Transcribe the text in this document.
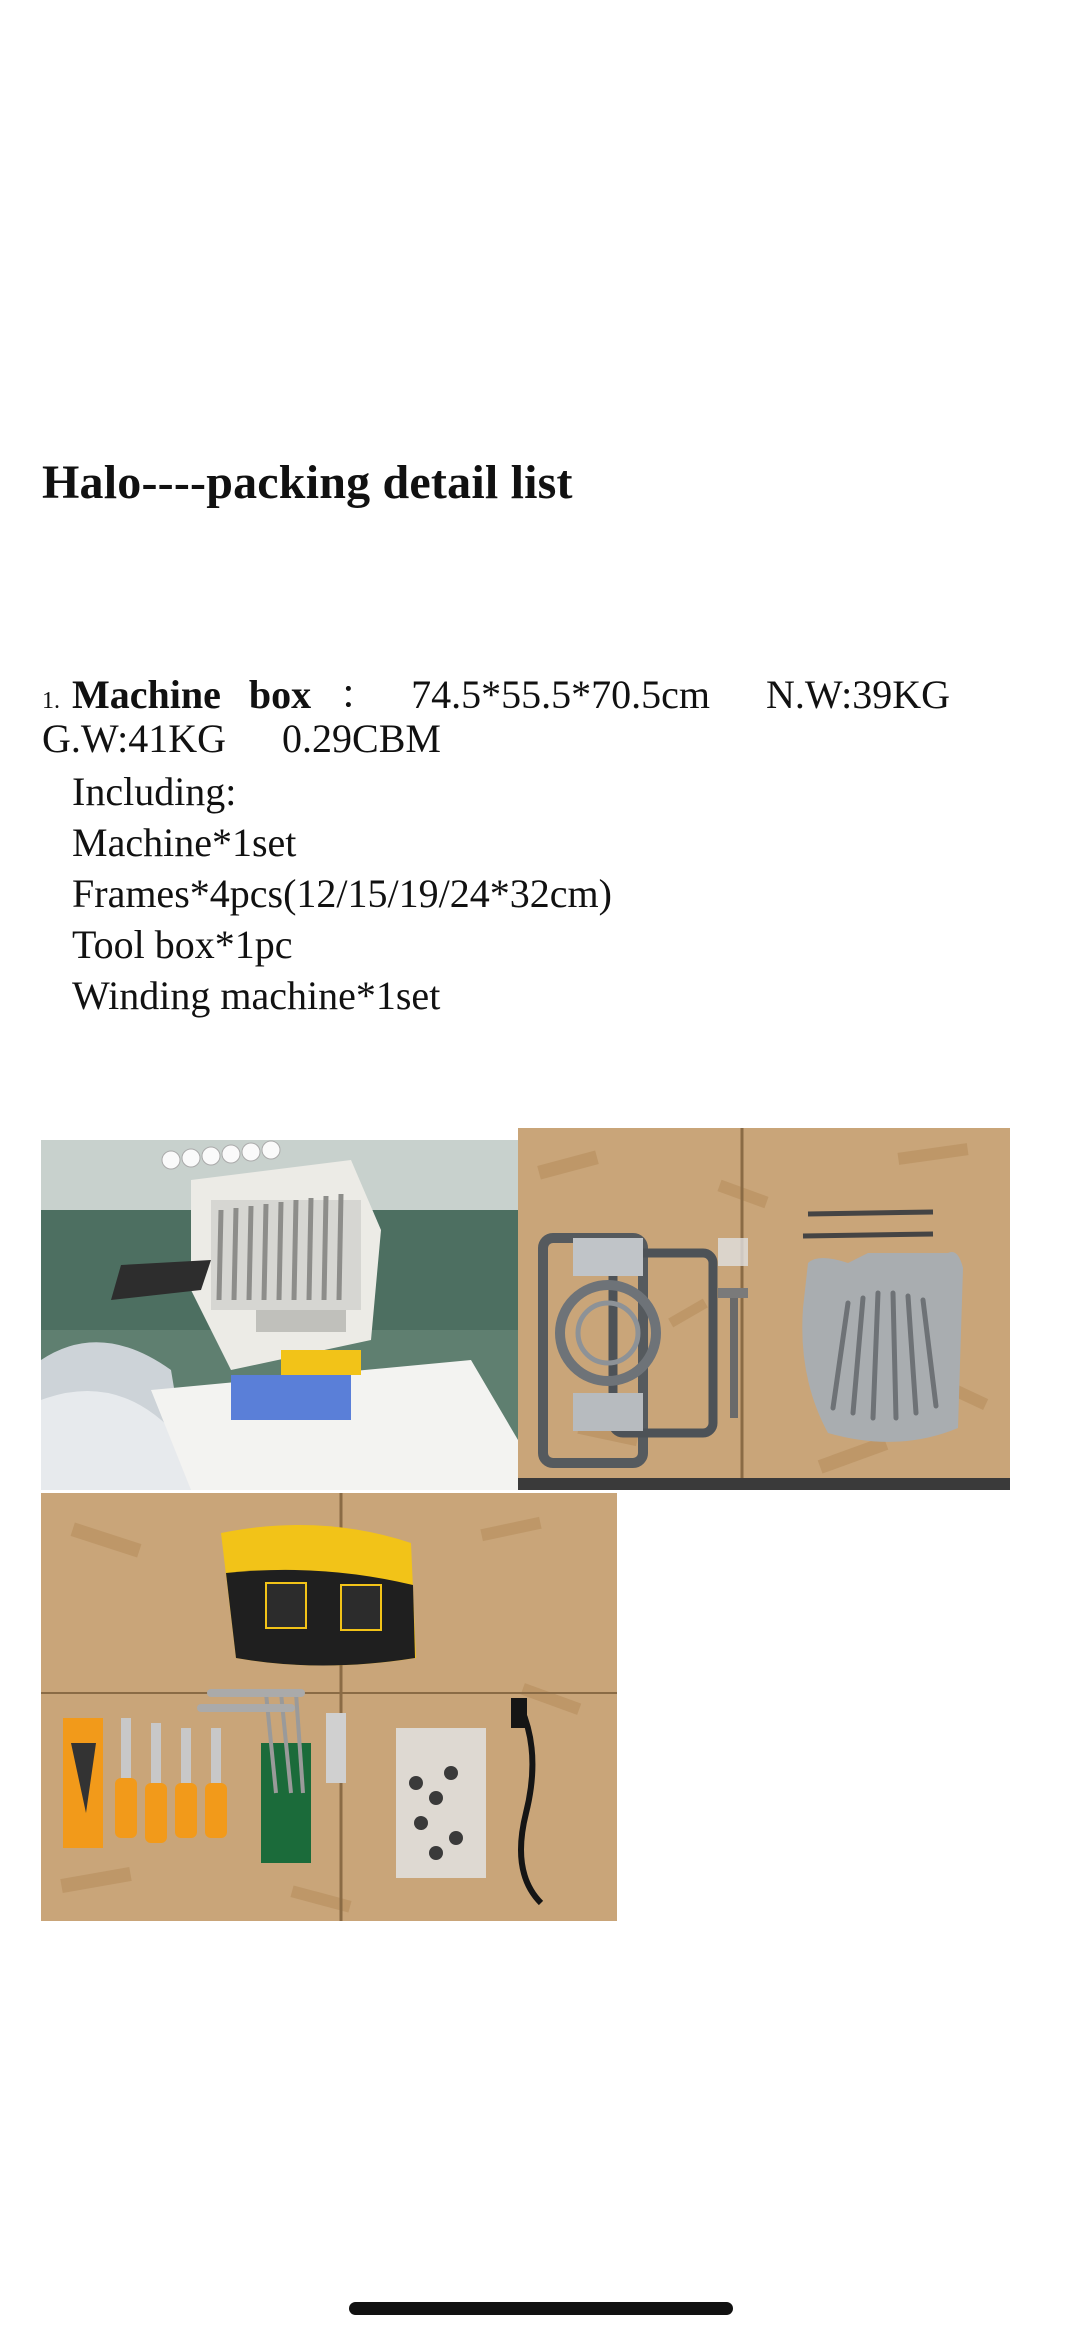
Halo----packing detail list
1. Machine box ： 74.5*55.5*70.5cm N.W:39KG
G.W:41KG 0.29CBM
Including:
Machine*1set
Frames*4pcs(12/15/19/24*32cm)
Tool box*1pc
Winding machine*1set
